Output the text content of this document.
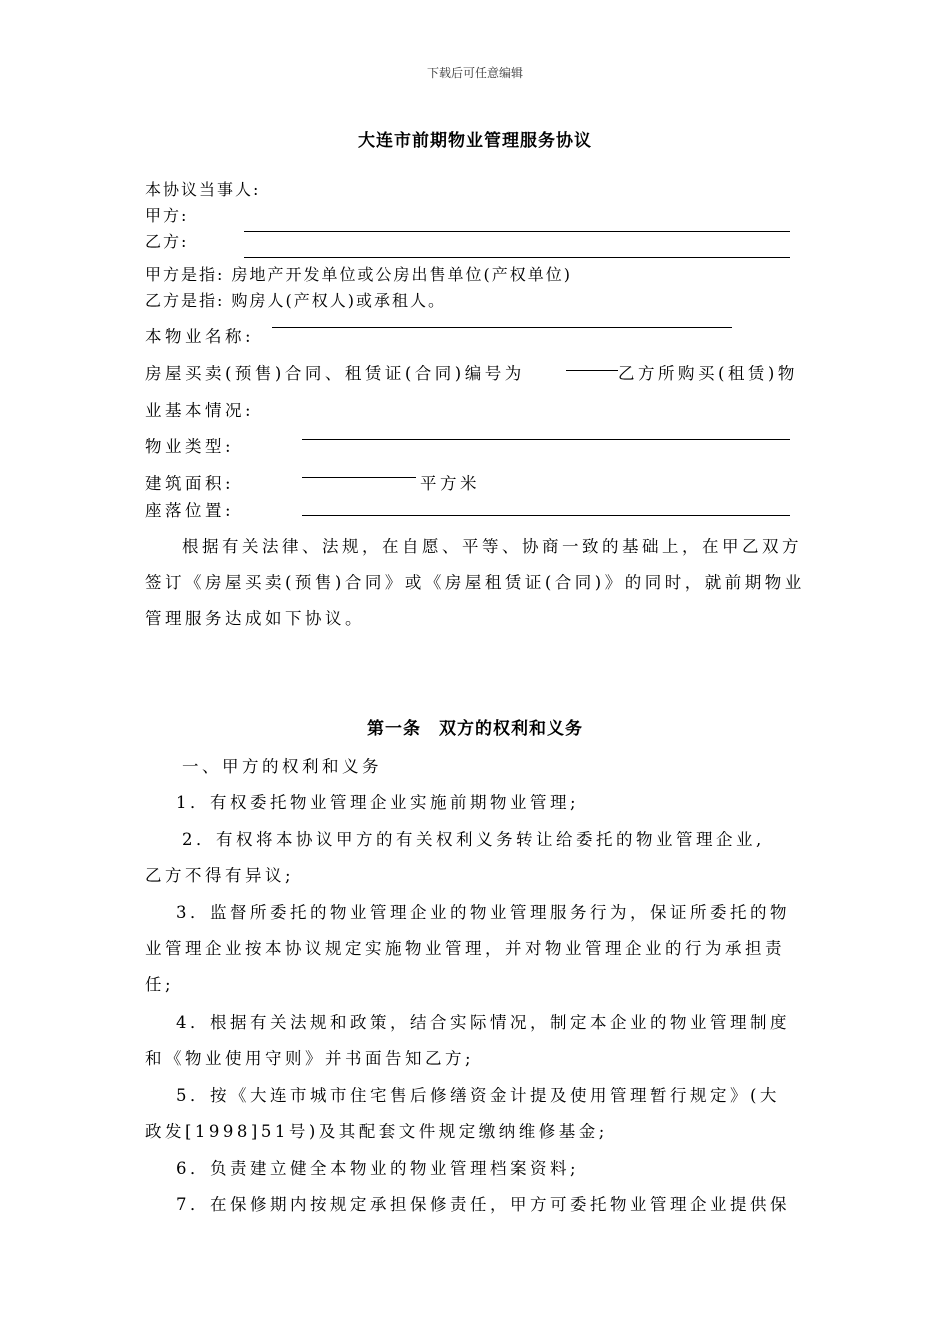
下载后可任意编辑
大连市前期物业管理服务协议
本协议当事人:
甲方:
乙方:
甲方是指: 房地产开发单位或公房出售单位(产权单位)
乙方是指: 购房人(产权人)或承租人。
本物业名称:
房屋买卖(预售)合同、租赁证(合同)编号为	乙方所购买(租赁)物
业基本情况:
物业类型:
建筑面积:	平方米
座落位置:
根据有关法律、法规，在自愿、平等、协商一致的基础上，在甲乙双方
签订《房屋买卖(预售)合同》或《房屋租赁证(合同)》的同时，就前期物业
管理服务达成如下协议。
第一条　双方的权利和义务
一、甲方的权利和义务
1．有权委托物业管理企业实施前期物业管理;
2．有权将本协议甲方的有关权利义务转让给委托的物业管理企业,
乙方不得有异议;
3．监督所委托的物业管理企业的物业管理服务行为，保证所委托的物
业管理企业按本协议规定实施物业管理，并对物业管理企业的行为承担责
任;
4．根据有关法规和政策，结合实际情况，制定本企业的物业管理制度
和《物业使用守则》并书面告知乙方;
5．按《大连市城市住宅售后修缮资金计提及使用管理暂行规定》(大
政发[1998]51号)及其配套文件规定缴纳维修基金;
6．负责建立健全本物业的物业管理档案资料;
7．在保修期内按规定承担保修责任，甲方可委托物业管理企业提供保
